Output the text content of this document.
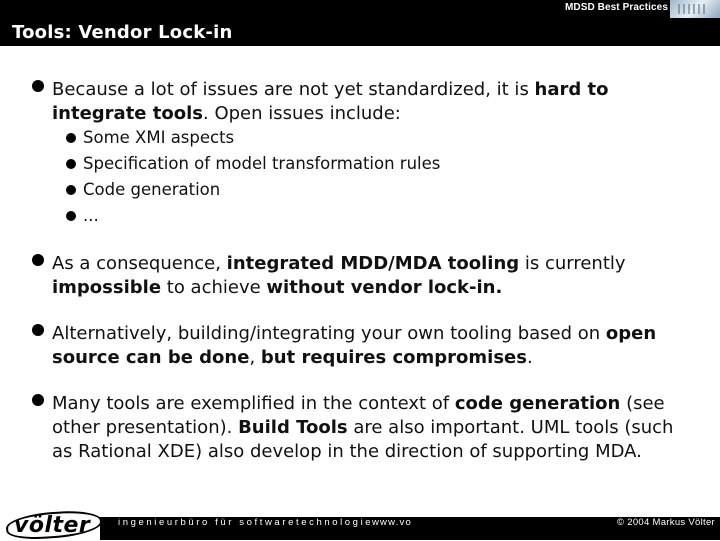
MDSD Best Practices
Tools: Vendor Lock-in
Because a lot of issues are not yet standardized, it is hard to integrate tools. Open issues include:
Some XMI aspects
Specification of model transformation rules
Code generation
...
As a consequence, integrated MDD/MDA tooling is currently impossible to achieve without vendor lock-in.
Alternatively, building/integrating your own tooling based on open source can be done, but requires compromises.
Many tools are exemplified in the context of code generation (see other presentation). Build Tools are also important. UML tools (such as Rational XDE) also develop in the direction of supporting MDA.
völter	ingenieurbüro für softwaretechnologie
www.vo	© 2004 Markus Völter
